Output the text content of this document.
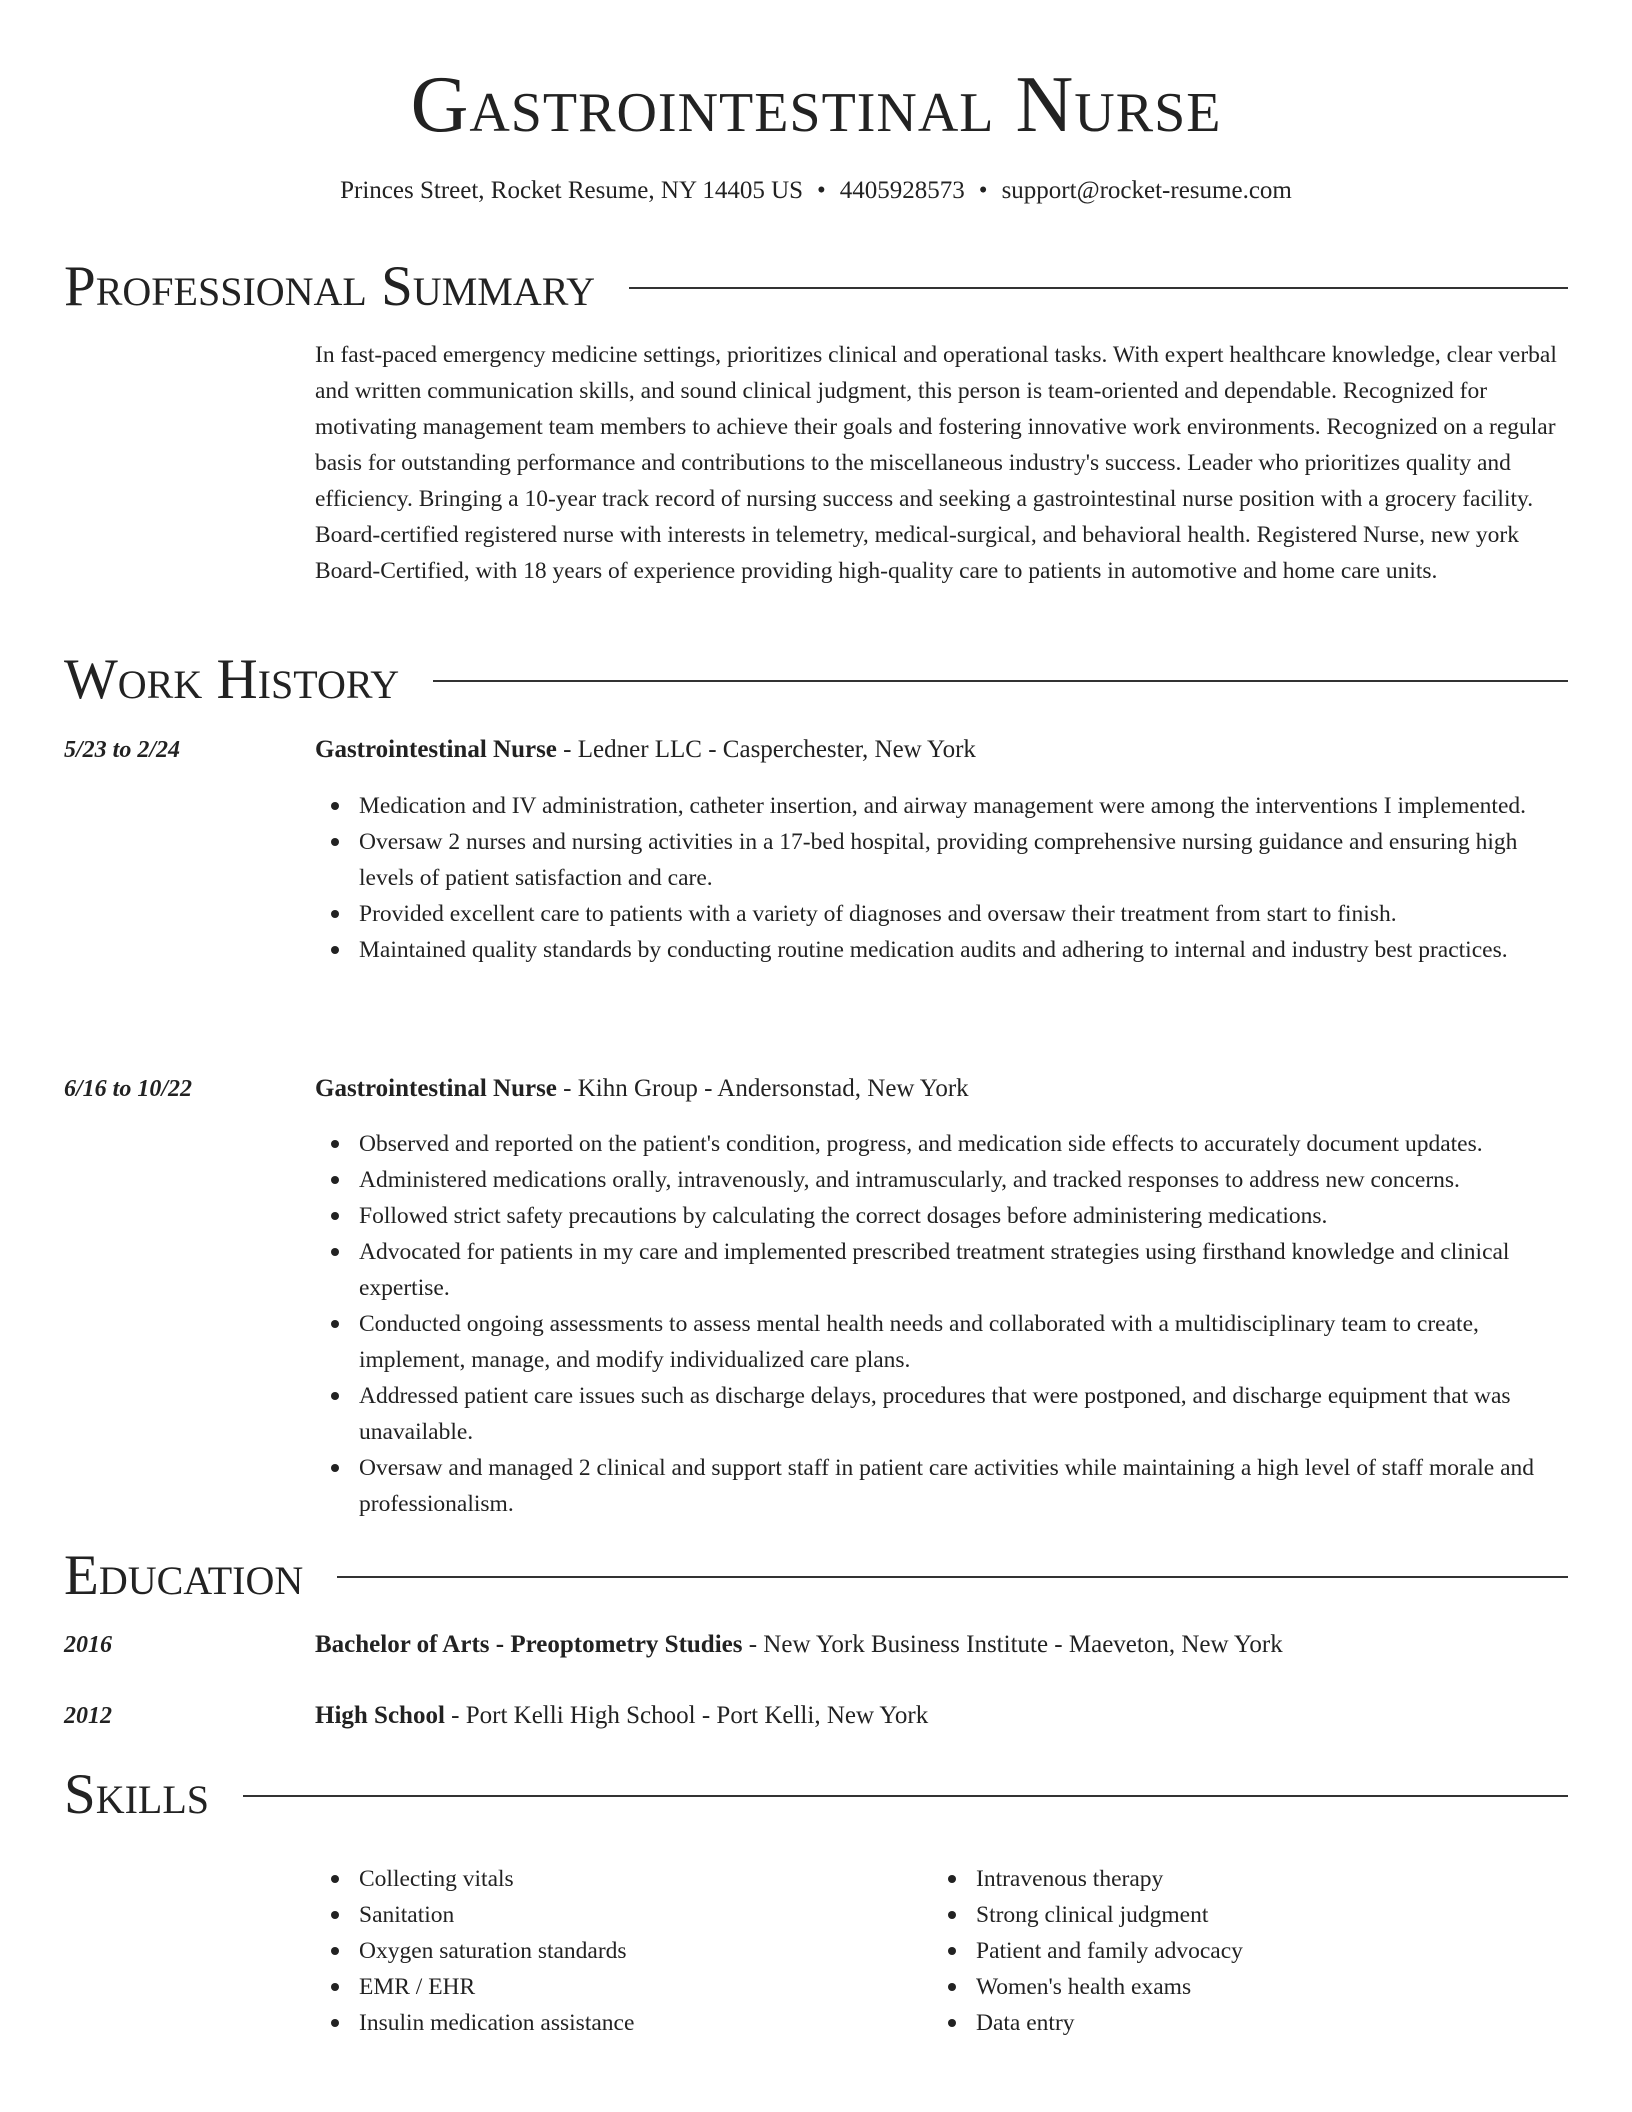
Gastrointestinal Nurse
Princes Street, Rocket Resume, NY 14405 US • 4405928573 • support@rocket-resume.com
Professional Summary

In fast-paced emergency medicine settings, prioritizes clinical and operational tasks. With expert healthcare knowledge, clear verbal and written communication skills, and sound clinical judgment, this person is team-oriented and dependable. Recognized for motivating management team members to achieve their goals and fostering innovative work environments. Recognized on a regular basis for outstanding performance and contributions to the miscellaneous industry's success. Leader who prioritizes quality and efficiency. Bringing a 10-year track record of nursing success and seeking a gastrointestinal nurse position with a grocery facility. Board-certified registered nurse with interests in telemetry, medical-surgical, and behavioral health. Registered Nurse, new york Board-Certified, with 18 years of experience providing high-quality care to patients in automotive and home care units.

Work History
5/23 to 2/24	Gastrointestinal Nurse - Ledner LLC - Casperchester, New York
Medication and IV administration, catheter insertion, and airway management were among the interventions I implemented.
Oversaw 2 nurses and nursing activities in a 17-bed hospital, providing comprehensive nursing guidance and ensuring high levels of patient satisfaction and care.
Provided excellent care to patients with a variety of diagnoses and oversaw their treatment from start to finish.
Maintained quality standards by conducting routine medication audits and adhering to internal and industry best practices.
6/16 to 10/22	Gastrointestinal Nurse - Kihn Group - Andersonstad, New York
Observed and reported on the patient's condition, progress, and medication side effects to accurately document updates.
Administered medications orally, intravenously, and intramuscularly, and tracked responses to address new concerns.
Followed strict safety precautions by calculating the correct dosages before administering medications.
Advocated for patients in my care and implemented prescribed treatment strategies using firsthand knowledge and clinical expertise.
Conducted ongoing assessments to assess mental health needs and collaborated with a multidisciplinary team to create, implement, manage, and modify individualized care plans.
Addressed patient care issues such as discharge delays, procedures that were postponed, and discharge equipment that was unavailable.
Oversaw and managed 2 clinical and support staff in patient care activities while maintaining a high level of staff morale and professionalism.
Education
2016	Bachelor of Arts - Preoptometry Studies - New York Business Institute - Maeveton, New York
2012	High School - Port Kelli High School - Port Kelli, New York
Skills
Collecting vitals
Sanitation
Oxygen saturation standards
EMR / EHR
Insulin medication assistance
Intravenous therapy
Strong clinical judgment
Patient and family advocacy
Women's health exams
Data entry
